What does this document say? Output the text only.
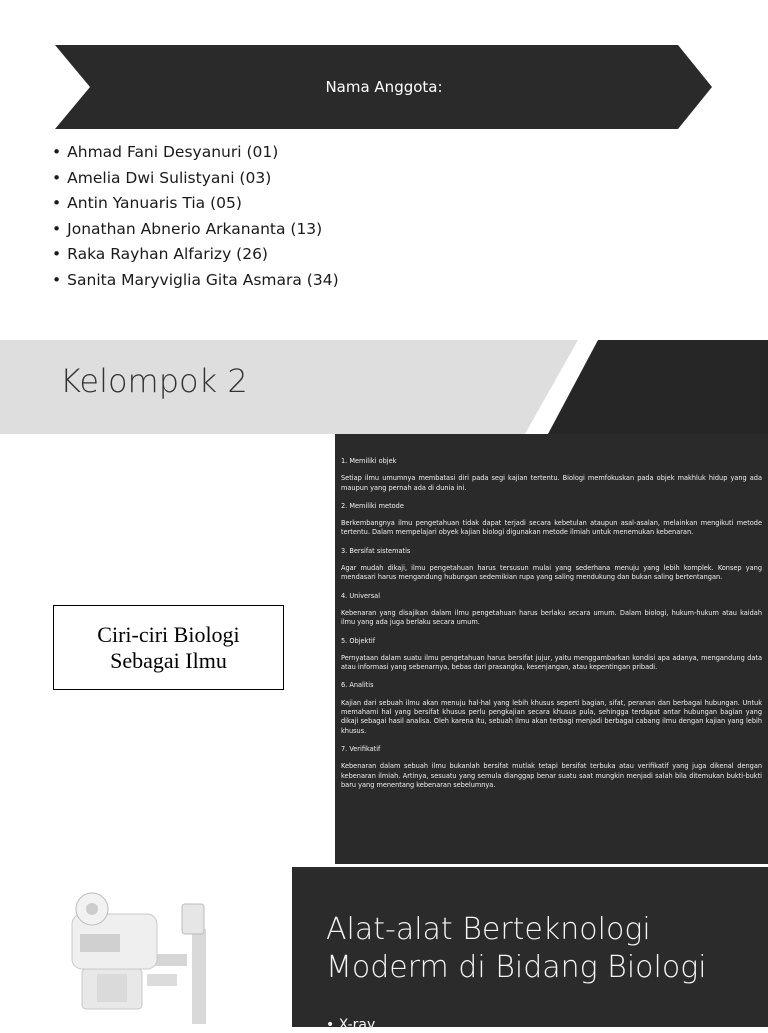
Nama Anggota:
• Ahmad Fani Desyanuri (01)
• Amelia Dwi Sulistyani (03)
• Antin Yanuaris Tia (05)
• Jonathan Abnerio Arkananta (13)
• Raka Rayhan Alfarizy (26)
• Sanita Maryviglia Gita Asmara (34)
Kelompok 2
Ciri-ciri Biologi
Sebagai Ilmu
1. Memiliki objek
Setiap ilmu umumnya membatasi diri pada segi kajian tertentu. Biologi memfokuskan pada objek makhluk hidup yang ada maupun yang pernah ada di dunia ini.
2. Memiliki metode
Berkembangnya ilmu pengetahuan tidak dapat terjadi secara kebetulan ataupun asal-asalan, melainkan mengikuti metode tertentu. Dalam mempelajari obyek kajian biologi digunakan metode ilmiah untuk menemukan kebenaran.
3. Bersifat sistematis
Agar mudah dikaji, ilmu pengetahuan harus tersusun mulai yang sederhana menuju yang lebih komplek. Konsep yang mendasari harus mengandung hubungan sedemikian rupa yang saling mendukung dan bukan saling bertentangan.
4. Universal
Kebenaran yang disajikan dalam ilmu pengetahuan harus berlaku secara umum. Dalam biologi, hukum-hukum atau kaidah ilmu yang ada juga berlaku secara umum.
5. Objektif
Pernyataan dalam suatu ilmu pengetahuan harus bersifat jujur, yaitu menggambarkan kondisi apa adanya, mengandung data atau informasi yang sebenarnya, bebas dari prasangka, kesenjangan, atau kepentingan pribadi.
6. Analitis
Kajian dari sebuah ilmu akan menuju hal-hal yang lebih khusus seperti bagian, sifat, peranan dan berbagai hubungan. Untuk memahami hal yang bersifat khusus perlu pengkajian secara khusus pula, sehingga terdapat antar hubungan bagian yang dikaji sebagai hasil analisa. Oleh karena itu, sebuah ilmu akan terbagi menjadi berbagai cabang ilmu dengan kajian yang lebih khusus.
7. Verifikatif
Kebenaran dalam sebuah ilmu bukanlah bersifat mutlak tetapi bersifat terbuka atau verifikatif yang juga dikenal dengan kebenaran ilmiah. Artinya, sesuatu yang semula dianggap benar suatu saat mungkin menjadi salah bila ditemukan bukti-bukti baru yang menentang kebenaran sebelumnya.
Alat-alat Berteknologi
Moderm di Bidang Biologi
• X-ray
